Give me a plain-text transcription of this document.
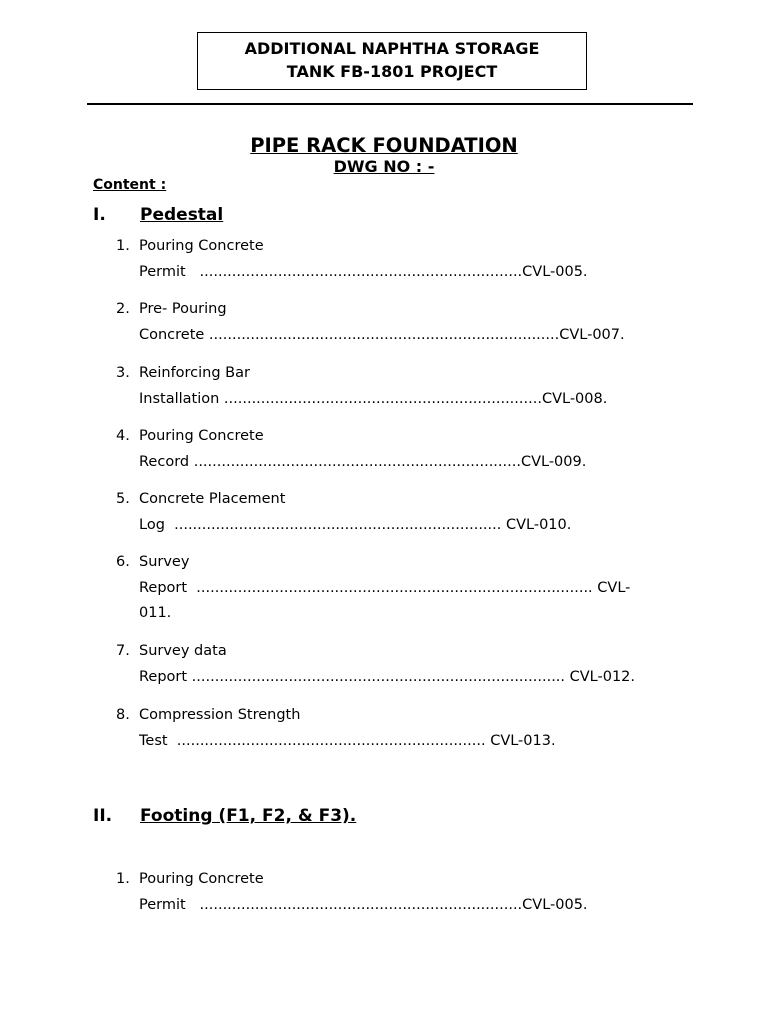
ADDITIONAL NAPHTHA STORAGE
TANK FB-1801 PROJECT
PIPE RACK FOUNDATION
DWG NO : -
Content :
I. Pedestal
1. Pouring Concrete
Permit   ......................................................................CVL-005.
2. Pre- Pouring
Concrete ............................................................................CVL-007.
3. Reinforcing Bar
Installation .....................................................................CVL-008.
4. Pouring Concrete
Record .......................................................................CVL-009.
5. Concrete Placement
Log  ....................................................................... CVL-010.
6. Survey
Report  ...................................................................................... CVL-
011.
7. Survey data
Report ................................................................................. CVL-012.
8. Compression Strength
Test  ................................................................... CVL-013.
II. Footing (F1, F2, & F3).
1. Pouring Concrete
Permit   ......................................................................CVL-005.
